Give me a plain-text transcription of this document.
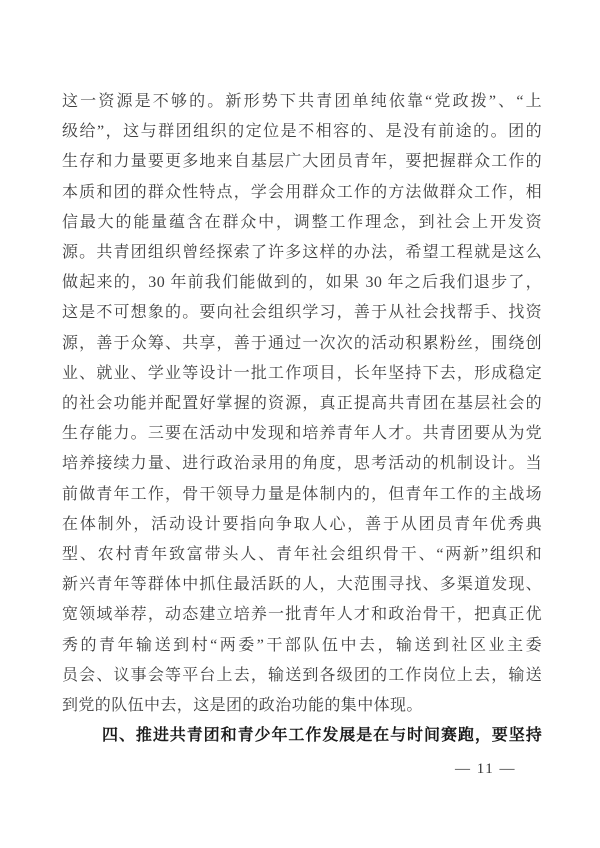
这一资源是不够的。新形势下共青团单纯依靠“党政拨”、“上
级给”，这与群团组织的定位是不相容的、是没有前途的。团的
生存和力量要更多地来自基层广大团员青年，要把握群众工作的
本质和团的群众性特点，学会用群众工作的方法做群众工作，相
信最大的能量蕴含在群众中，调整工作理念，到社会上开发资
源。共青团组织曾经探索了许多这样的办法，希望工程就是这么
做起来的，30 年前我们能做到的，如果 30 年之后我们退步了，
这是不可想象的。要向社会组织学习，善于从社会找帮手、找资
源，善于众筹、共享，善于通过一次次的活动积累粉丝，围绕创
业、就业、学业等设计一批工作项目，长年坚持下去，形成稳定
的社会功能并配置好掌握的资源，真正提高共青团在基层社会的
生存能力。三要在活动中发现和培养青年人才。共青团要从为党
培养接续力量、进行政治录用的角度，思考活动的机制设计。当
前做青年工作，骨干领导力量是体制内的，但青年工作的主战场
在体制外，活动设计要指向争取人心，善于从团员青年优秀典
型、农村青年致富带头人、青年社会组织骨干、“两新”组织和
新兴青年等群体中抓住最活跃的人，大范围寻找、多渠道发现、
宽领域举荐，动态建立培养一批青年人才和政治骨干，把真正优
秀的青年输送到村“两委”干部队伍中去，输送到社区业主委
员会、议事会等平台上去，输送到各级团的工作岗位上去，输送
到党的队伍中去，这是团的政治功能的集中体现。
四、推进共青团和青少年工作发展是在与时间赛跑，要坚持
— 11 —
